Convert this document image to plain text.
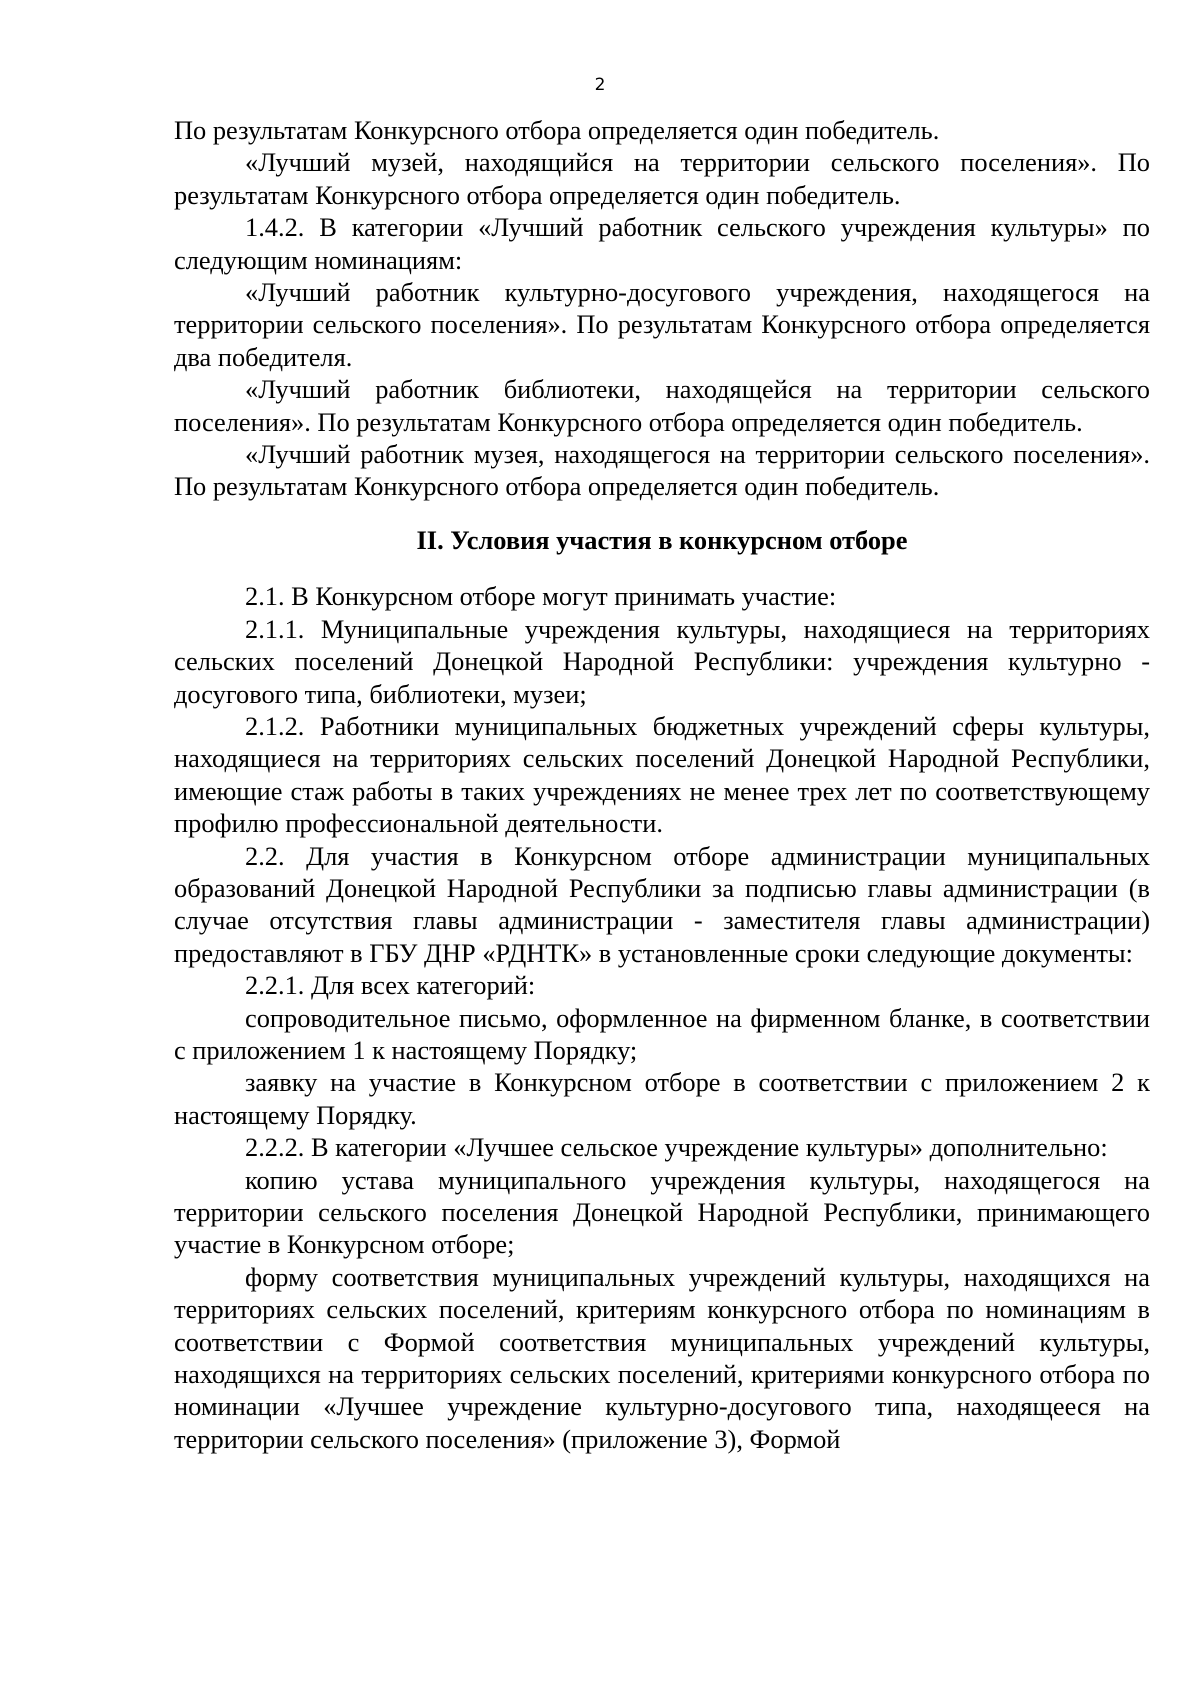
2

По результатам Конкурсного отбора определяется один победитель.

«Лучший музей, находящийся на территории сельского поселения». По результатам Конкурсного отбора определяется один победитель.

1.4.2. В категории «Лучший работник сельского учреждения культуры» по следующим номинациям:

«Лучший работник культурно-досугового учреждения, находящегося на территории сельского поселения». По результатам Конкурсного отбора определяется два победителя.

«Лучший работник библиотеки, находящейся на территории сельского поселения». По результатам Конкурсного отбора определяется один победитель.

«Лучший работник музея, находящегося на территории сельского поселения». По результатам Конкурсного отбора определяется один победитель.

II. Условия участия в конкурсном отборе

2.1. В Конкурсном отборе могут принимать участие:

2.1.1. Муниципальные учреждения культуры, находящиеся на территориях сельских поселений Донецкой Народной Республики: учреждения культурно - досугового типа, библиотеки, музеи;

2.1.2. Работники муниципальных бюджетных учреждений сферы культуры, находящиеся на территориях сельских поселений Донецкой Народной Республики, имеющие стаж работы в таких учреждениях не менее трех лет по соответствующему профилю профессиональной деятельности.

2.2. Для участия в Конкурсном отборе администрации муниципальных образований Донецкой Народной Республики за подписью главы администрации (в случае отсутствия главы администрации - заместителя главы администрации) предоставляют в ГБУ ДНР «РДНТК» в установленные сроки следующие документы:

2.2.1. Для всех категорий:

сопроводительное письмо, оформленное на фирменном бланке, в соответствии с приложением 1 к настоящему Порядку;

заявку на участие в Конкурсном отборе в соответствии с приложением 2 к настоящему Порядку.

2.2.2. В категории «Лучшее сельское учреждение культуры» дополнительно:

копию устава муниципального учреждения культуры, находящегося на территории сельского поселения Донецкой Народной Республики, принимающего участие в Конкурсном отборе;

форму соответствия муниципальных учреждений культуры, находящихся на территориях сельских поселений, критериям конкурсного отбора по номинациям в соответствии с Формой соответствия муниципальных учреждений культуры, находящихся на территориях сельских поселений, критериями конкурсного отбора по номинации «Лучшее учреждение культурно-досугового типа, находящееся на территории сельского поселения» (приложение 3), Формой
